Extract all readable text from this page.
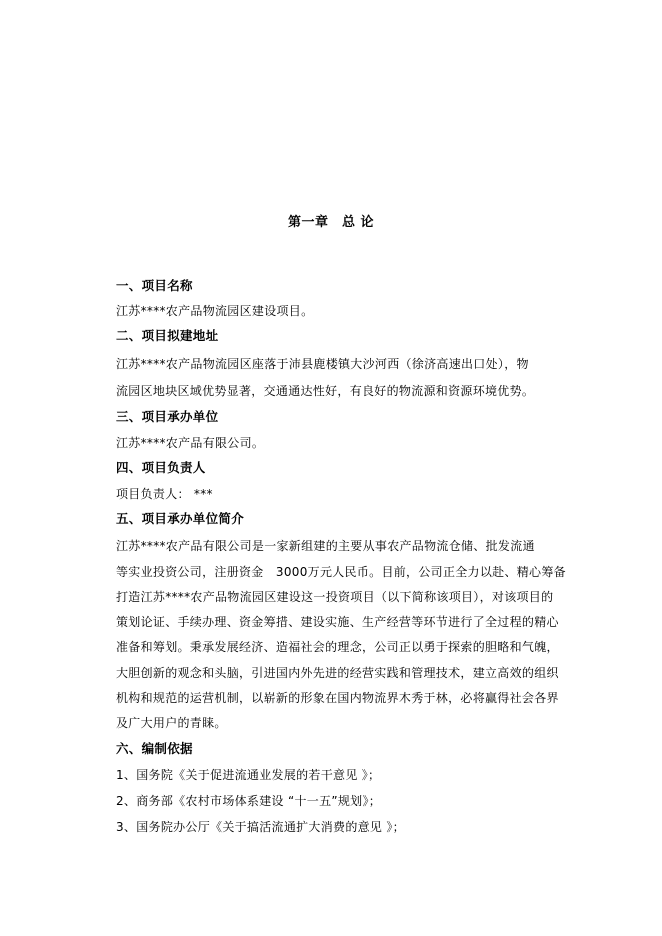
第一章　总 论
一、项目名称
江苏****农产品物流园区建设项目。
二、项目拟建地址
江苏****农产品物流园区座落于沛县鹿楼镇大沙河西（徐济高速出口处），物
流园区地块区域优势显著，交通通达性好，有良好的物流源和资源环境优势。
三、项目承办单位
江苏****农产品有限公司。
四、项目负责人
项目负责人： ***
五、项目承办单位简介
江苏****农产品有限公司是一家新组建的主要从事农产品物流仓储、批发流通
等实业投资公司，注册资金　3000万元人民币。目前，公司正全力以赴、精心筹备
打造江苏****农产品物流园区建设这一投资项目（以下简称该项目），对该项目的
策划论证、手续办理、资金筹措、建设实施、生产经营等环节进行了全过程的精心
准备和筹划。秉承发展经济、造福社会的理念，公司正以勇于探索的胆略和气魄，
大胆创新的观念和头脑，引进国内外先进的经营实践和管理技术，建立高效的组织
机构和规范的运营机制，以崭新的形象在国内物流界木秀于林，必将赢得社会各界
及广大用户的青睐。
六、编制依据
1、国务院《关于促进流通业发展的若干意见 》；
2、商务部《农村市场体系建设 “十一五”规划》；
3、国务院办公厅《关于搞活流通扩大消费的意见 》；
